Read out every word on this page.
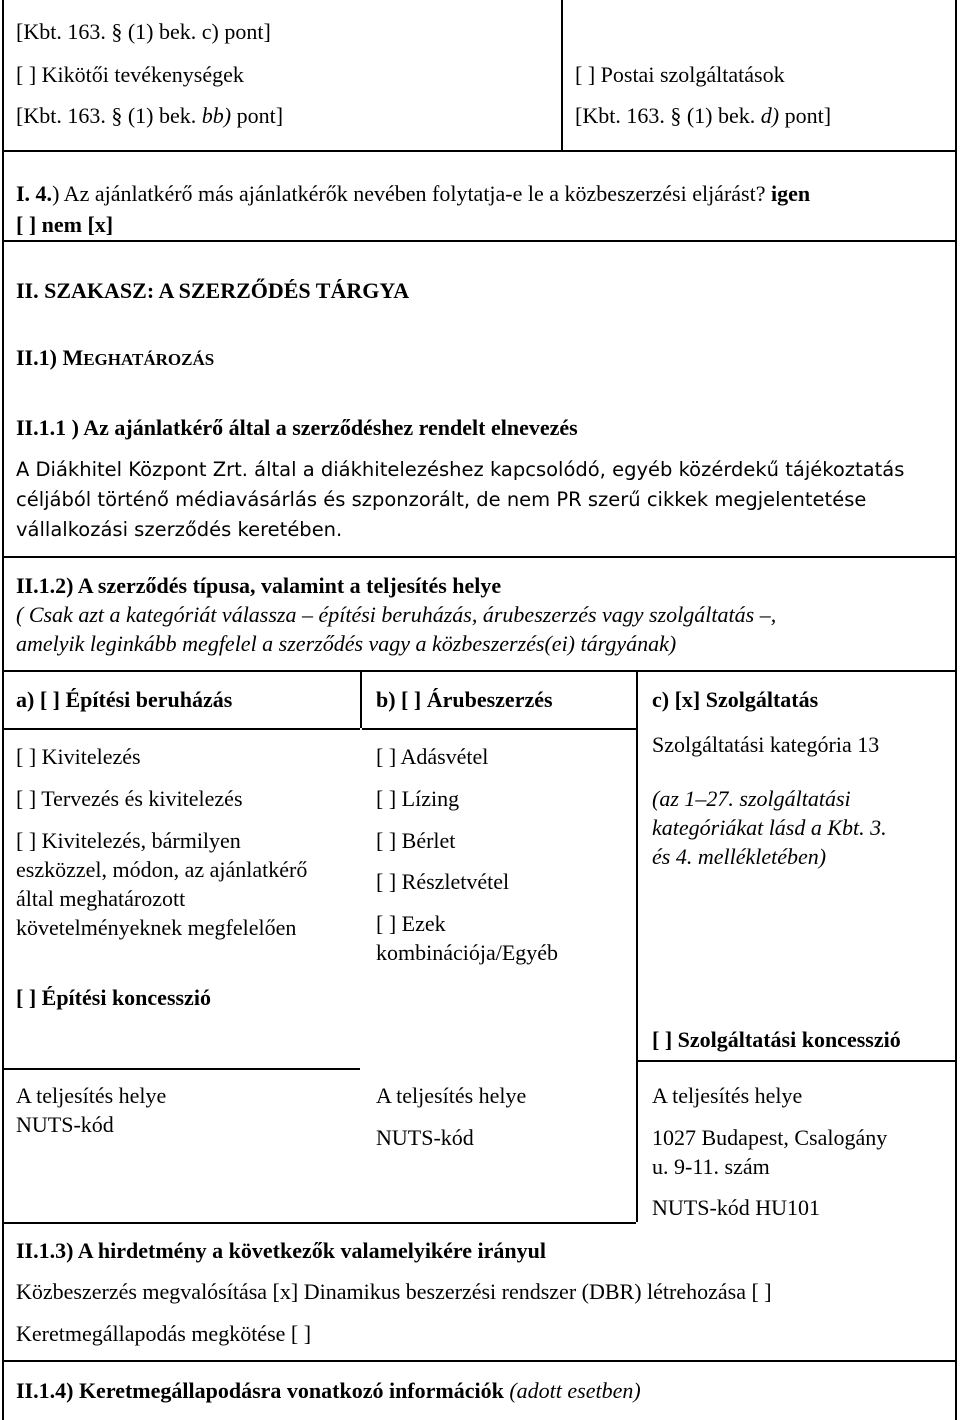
[Kbt. 163. § (1) bek. c) pont]
[ ] Kikötői tevékenységek
[Kbt. 163. § (1) bek. bb) pont]
[ ] Postai szolgáltatások
[Kbt. 163. § (1) bek. d) pont]
I. 4.) Az ajánlatkérő más ajánlatkérők nevében folytatja-e le a közbeszerzési eljárást? igen
[ ] nem [x]
II. SZAKASZ: A SZERZŐDÉS TÁRGYA
II.1) MEGHATÁROZÁS
II.1.1 ) Az ajánlatkérő által a szerződéshez rendelt elnevezés
A Diákhitel Központ Zrt. által a diákhitelezéshez kapcsolódó, egyéb közérdekű tájékoztatás
céljából történő médiavásárlás és szponzorált, de nem PR szerű cikkek megjelentetése
vállalkozási szerződés keretében.
II.1.2) A szerződés típusa, valamint a teljesítés helye
( Csak azt a kategóriát válassza – építési beruházás, árubeszerzés vagy szolgáltatás –,
amelyik leginkább megfelel a szerződés vagy a közbeszerzés(ei) tárgyának)
a) [ ] Építési beruházás	b) [ ] Árubeszerzés	c) [x] Szolgáltatás
[ ] Kivitelezés
[ ] Tervezés és kivitelezés
[ ] Kivitelezés, bármilyen
eszközzel, módon, az ajánlatkérő
által meghatározott
követelményeknek megfelelően
[ ] Építési koncesszió
A teljesítés helye
NUTS-kód
[ ] Adásvétel
[ ] Lízing
[ ] Bérlet
[ ] Részletvétel
[ ] Ezek
kombinációja/Egyéb
A teljesítés helye
NUTS-kód
Szolgáltatási kategória 13
(az 1–27. szolgáltatási
kategóriákat lásd a Kbt. 3.
és 4. mellékletében)
[ ] Szolgáltatási koncesszió
A teljesítés helye
1027 Budapest, Csalogány
u. 9-11. szám
NUTS-kód HU101
II.1.3) A hirdetmény a következők valamelyikére irányul
Közbeszerzés megvalósítása [x] Dinamikus beszerzési rendszer (DBR) létrehozása [ ]
Keretmegállapodás megkötése [ ]
II.1.4) Keretmegállapodásra vonatkozó információk (adott esetben)
